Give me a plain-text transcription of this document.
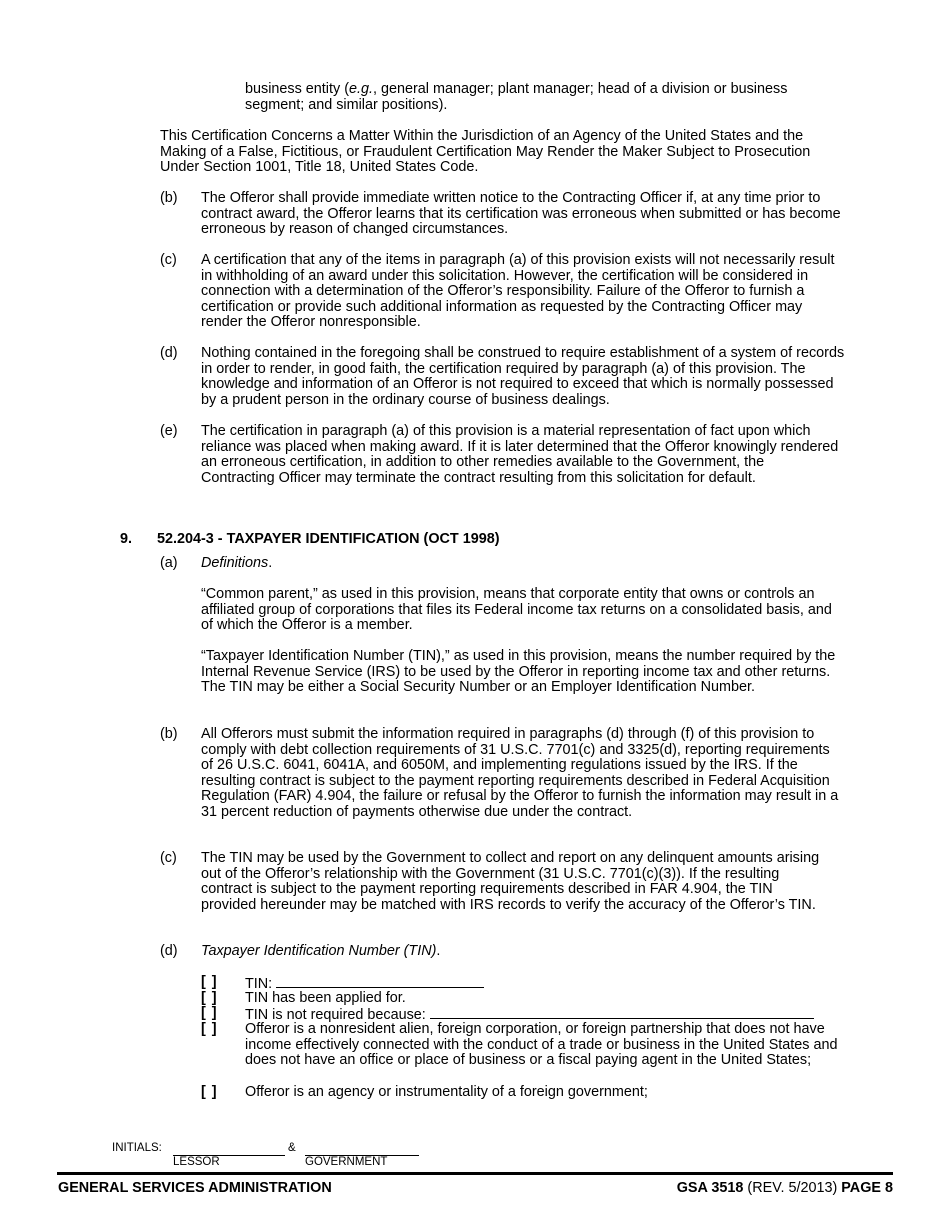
business entity (e.g., general manager; plant manager; head of a division or business segment; and similar positions).
This Certification Concerns a Matter Within the Jurisdiction of an Agency of the United States and the Making of a False, Fictitious, or Fraudulent Certification May Render the Maker Subject to Prosecution Under Section 1001, Title 18, United States Code.
(b) The Offeror shall provide immediate written notice to the Contracting Officer if, at any time prior to contract award, the Offeror learns that its certification was erroneous when submitted or has become erroneous by reason of changed circumstances.
(c) A certification that any of the items in paragraph (a) of this provision exists will not necessarily result in withholding of an award under this solicitation. However, the certification will be considered in connection with a determination of the Offeror’s responsibility. Failure of the Offeror to furnish a certification or provide such additional information as requested by the Contracting Officer may render the Offeror nonresponsible.
(d) Nothing contained in the foregoing shall be construed to require establishment of a system of records in order to render, in good faith, the certification required by paragraph (a) of this provision. The knowledge and information of an Offeror is not required to exceed that which is normally possessed by a prudent person in the ordinary course of business dealings.
(e) The certification in paragraph (a) of this provision is a material representation of fact upon which reliance was placed when making award. If it is later determined that the Offeror knowingly rendered an erroneous certification, in addition to other remedies available to the Government, the Contracting Officer may terminate the contract resulting from this solicitation for default.
9. 52.204-3 - TAXPAYER IDENTIFICATION (OCT 1998)
(a) Definitions.
“Common parent,” as used in this provision, means that corporate entity that owns or controls an affiliated group of corporations that files its Federal income tax returns on a consolidated basis, and of which the Offeror is a member.
“Taxpayer Identification Number (TIN),” as used in this provision, means the number required by the Internal Revenue Service (IRS) to be used by the Offeror in reporting income tax and other returns. The TIN may be either a Social Security Number or an Employer Identification Number.
(b) All Offerors must submit the information required in paragraphs (d) through (f) of this provision to comply with debt collection requirements of 31 U.S.C. 7701(c) and 3325(d), reporting requirements of 26 U.S.C. 6041, 6041A, and 6050M, and implementing regulations issued by the IRS. If the resulting contract is subject to the payment reporting requirements described in Federal Acquisition Regulation (FAR) 4.904, the failure or refusal by the Offeror to furnish the information may result in a 31 percent reduction of payments otherwise due under the contract.
(c) The TIN may be used by the Government to collect and report on any delinquent amounts arising out of the Offeror’s relationship with the Government (31 U.S.C. 7701(c)(3)). If the resulting contract is subject to the payment reporting requirements described in FAR 4.904, the TIN provided hereunder may be matched with IRS records to verify the accuracy of the Offeror’s TIN.
(d) Taxpayer Identification Number (TIN).
[ ] TIN:
[ ] TIN has been applied for.
[ ] TIN is not required because:
[ ] Offeror is a nonresident alien, foreign corporation, or foreign partnership that does not have income effectively connected with the conduct of a trade or business in the United States and does not have an office or place of business or a fiscal paying agent in the United States;
[ ] Offeror is an agency or instrumentality of a foreign government;
INITIALS:	&
LESSOR	GOVERNMENT
GENERAL SERVICES ADMINISTRATION	GSA 3518 (REV. 5/2013) PAGE 8
